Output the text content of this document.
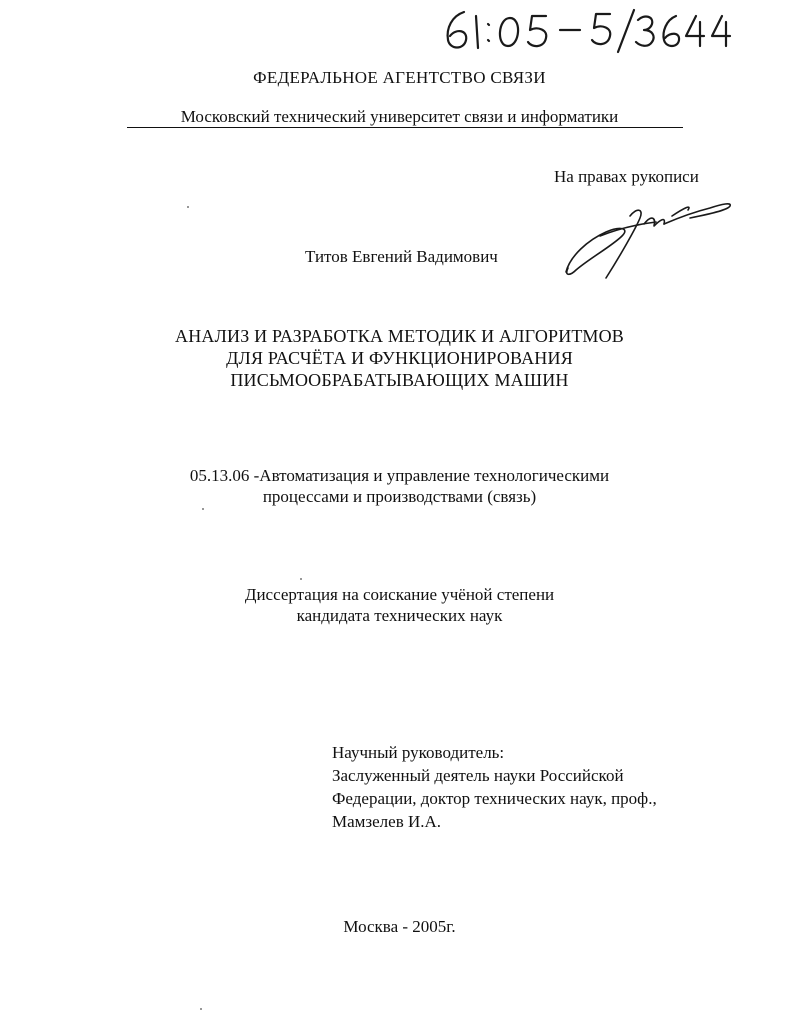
ФЕДЕРАЛЬНОЕ АГЕНТСТВО СВЯЗИ
Московский технический университет связи и информатики
На правах рукописи
Титов Евгений Вадимович
АНАЛИЗ И РАЗРАБОТКА МЕТОДИК И АЛГОРИТМОВ
ДЛЯ РАСЧЁТА И ФУНКЦИОНИРОВАНИЯ
ПИСЬМООБРАБАТЫВАЮЩИХ МАШИН
05.13.06 -Автоматизация и управление технологическими
процессами и производствами (связь)
Диссертация на соискание учёной степени
кандидата технических наук
Научный руководитель:
Заслуженный деятель науки Российской
Федерации, доктор технических наук, проф.,
Мамзелев И.А.
Москва - 2005г.
